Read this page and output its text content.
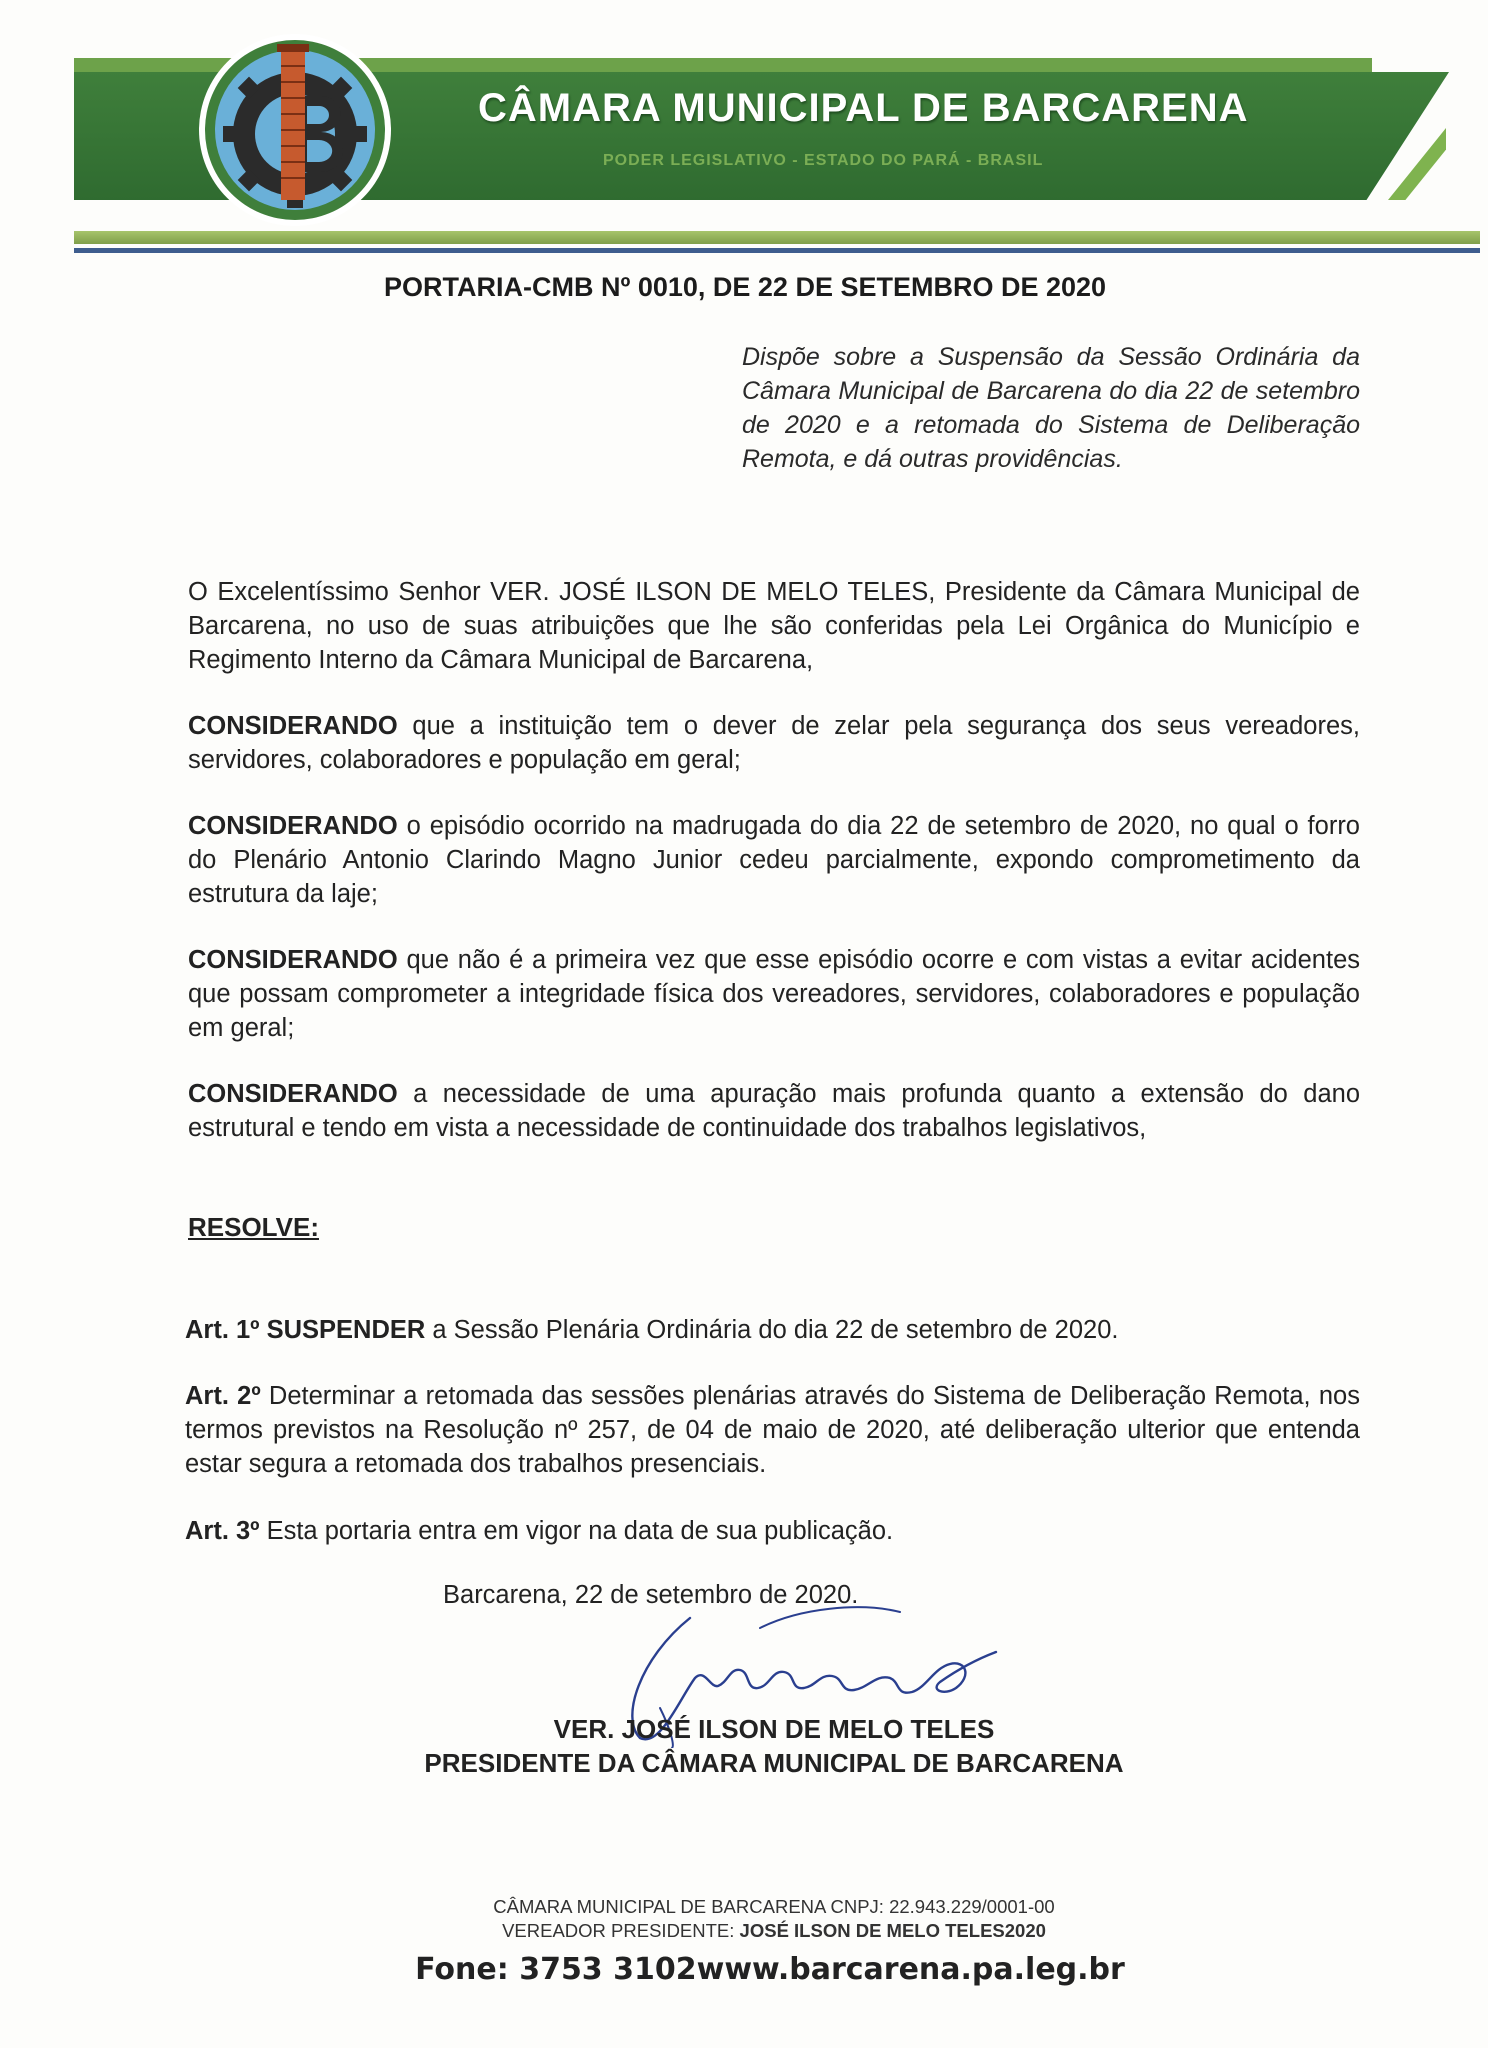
CÂMARA MUNICIPAL DE BARCARENA
PODER LEGISLATIVO - ESTADO DO PARÁ - BRASIL
PORTARIA-CMB Nº 0010, DE 22 DE SETEMBRO DE 2020
Dispõe sobre a Suspensão da Sessão Ordinária da Câmara Municipal de Barcarena do dia 22 de setembro de 2020 e a retomada do Sistema de Deliberação Remota, e dá outras providências.
O Excelentíssimo Senhor VER. JOSÉ ILSON DE MELO TELES, Presidente da Câmara Municipal de Barcarena, no uso de suas atribuições que lhe são conferidas pela Lei Orgânica do Município e Regimento Interno da Câmara Municipal de Barcarena,
CONSIDERANDO que a instituição tem o dever de zelar pela segurança dos seus vereadores, servidores, colaboradores e população em geral;
CONSIDERANDO o episódio ocorrido na madrugada do dia 22 de setembro de 2020, no qual o forro do Plenário Antonio Clarindo Magno Junior cedeu parcialmente, expondo comprometimento da estrutura da laje;
CONSIDERANDO que não é a primeira vez que esse episódio ocorre e com vistas a evitar acidentes que possam comprometer a integridade física dos vereadores, servidores, colaboradores e população em geral;
CONSIDERANDO a necessidade de uma apuração mais profunda quanto a extensão do dano estrutural e tendo em vista a necessidade de continuidade dos trabalhos legislativos,
RESOLVE:
Art. 1º SUSPENDER a Sessão Plenária Ordinária do dia 22 de setembro de 2020.
Art. 2º Determinar a retomada das sessões plenárias através do Sistema de Deliberação Remota, nos termos previstos na Resolução nº 257, de 04 de maio de 2020, até deliberação ulterior que entenda estar segura a retomada dos trabalhos presenciais.
Art. 3º Esta portaria entra em vigor na data de sua publicação.
Barcarena, 22 de setembro de 2020.
VER. JOSÉ ILSON DE MELO TELES
PRESIDENTE DA CÂMARA MUNICIPAL DE BARCARENA
CÂMARA MUNICIPAL DE BARCARENA CNPJ: 22.943.229/0001-00
VEREADOR PRESIDENTE: JOSÉ ILSON DE MELO TELES2020
Fone: 3753 3102www.barcarena.pa.leg.br
